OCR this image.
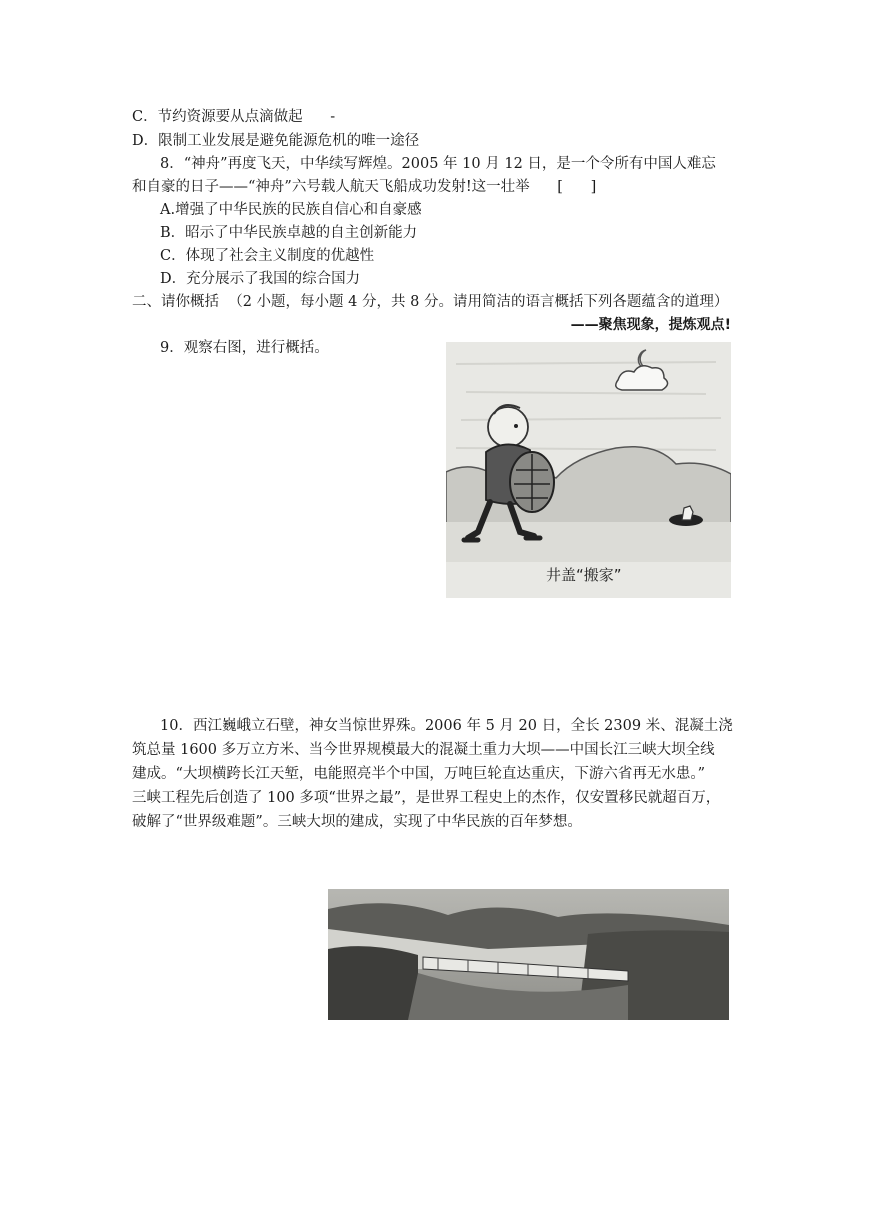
C．节约资源要从点滴做起      -
D．限制工业发展是避免能源危机的唯一途径
8．“神舟”再度飞天，中华续写辉煌。2005 年 10 月 12 日，是一个令所有中国人难忘
和自豪的日子——“神舟”六号载人航天飞船成功发射!这一壮举      [      ]
A.增强了中华民族的民族自信心和自豪感
B．昭示了中华民族卓越的自主创新能力
C．体现了社会主义制度的优越性
D．充分展示了我国的综合国力
二、请你概括  （2 小题，每小题 4 分，共 8 分。请用简洁的语言概括下列各题蕴含的道理）
——聚焦现象，提炼观点!
9．观察右图，进行概括。
井盖“搬家”
10．西江巍峨立石壁，神女当惊世界殊。2006 年 5 月 20 日，全长 2309 米、混凝土浇
筑总量 1600 多万立方米、当今世界规模最大的混凝土重力大坝——中国长江三峡大坝全线
建成。“大坝横跨长江天堑，电能照亮半个中国，万吨巨轮直达重庆，下游六省再无水患。”
三峡工程先后创造了 100 多项“世界之最”，是世界工程史上的杰作，仅安置移民就超百万，
破解了“世界级难题”。三峡大坝的建成，实现了中华民族的百年梦想。
